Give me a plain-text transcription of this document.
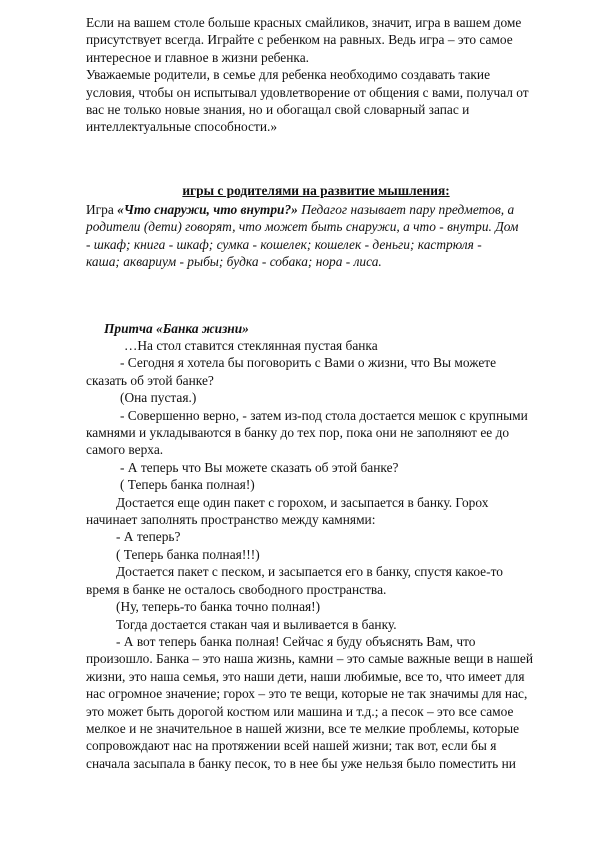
Если на вашем столе больше красных смайликов, значит, игра в вашем доме
присутствует всегда. Играйте с ребенком на равных. Ведь игра – это самое
интересное и главное в жизни ребенка.
Уважаемые родители, в семье для ребенка необходимо создавать такие
условия, чтобы он испытывал удовлетворение от общения с вами, получал от
вас не только новые знания, но и обогащал свой словарный запас и
интеллектуальные способности.»
игры с родителями на развитие мышления:
Игра «Что снаружи, что внутри?» Педагог называет пару предметов, а
родители (дети) говорят, что может быть снаружи, а что - внутри. Дом
- шкаф; книга - шкаф; сумка - кошелек; кошелек - деньги; кастрюля -
каша; аквариум - рыбы; будка - собака; нора - лиса.
Притча «Банка жизни»
…На стол ставится стеклянная пустая банка
- Сегодня я хотела бы поговорить с Вами о жизни, что Вы можете
сказать об этой банке?
(Она пустая.)
- Совершенно верно, - затем из-под стола достается мешок с крупными
камнями и укладываются в банку до тех пор, пока они не заполняют ее до
самого верха.
- А теперь что Вы можете сказать об этой банке?
( Теперь банка полная!)
Достается еще один пакет с горохом, и засыпается в банку. Горох
начинает заполнять пространство между камнями:
- А теперь?
( Теперь банка полная!!!)
Достается пакет с песком, и засыпается его в банку, спустя какое-то
время в банке не осталось свободного пространства.
(Ну, теперь-то банка точно полная!)
Тогда достается стакан чая и выливается в банку.
- А вот теперь банка полная! Сейчас я буду объяснять Вам, что
произошло. Банка – это наша жизнь, камни – это самые важные вещи в нашей
жизни, это наша семья, это наши дети, наши любимые, все то, что имеет для
нас огромное значение; горох – это те вещи, которые не так значимы для нас,
это может быть дорогой костюм или машина и т.д.; а песок – это все самое
мелкое и не значительное в нашей жизни, все те мелкие проблемы, которые
сопровождают нас на протяжении всей нашей жизни; так вот, если бы я
сначала засыпала в банку песок, то в нее бы уже нельзя было поместить ни
